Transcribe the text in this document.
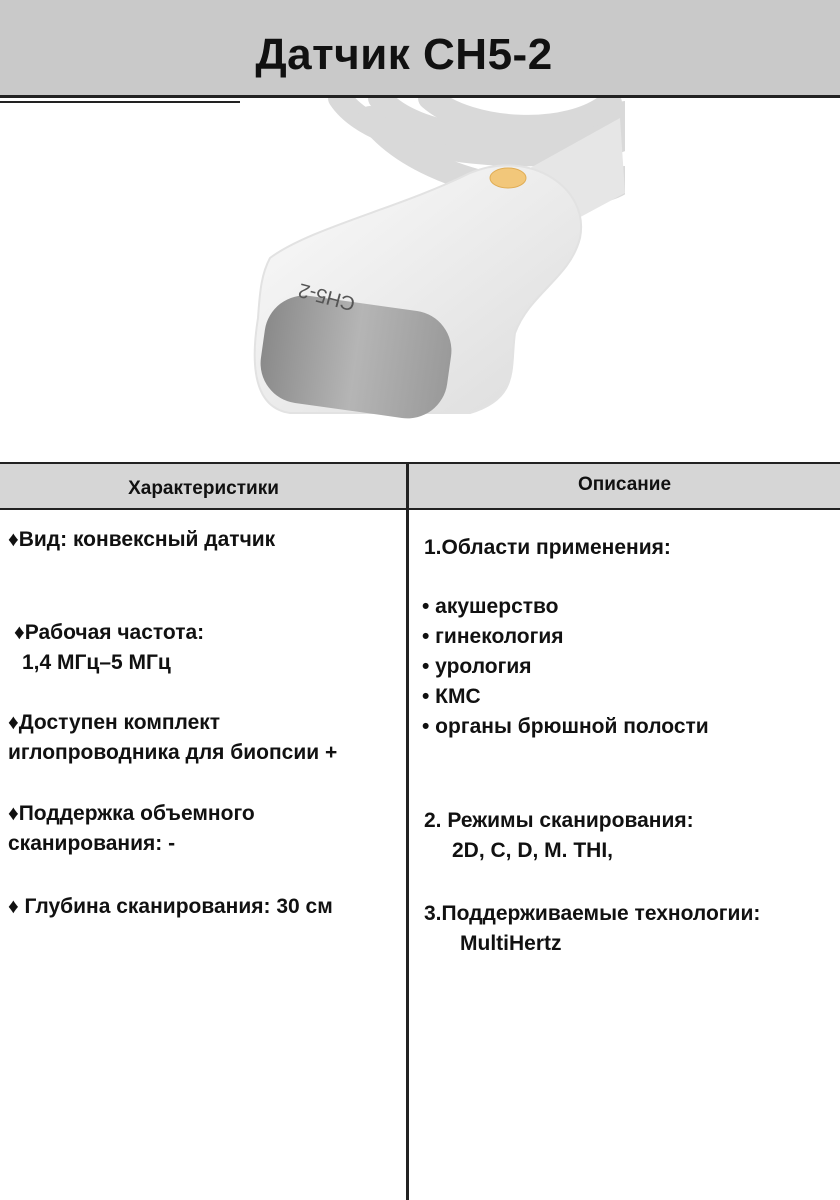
Датчик CH5-2
CH5-2
Характеристики	Описание
♦Вид: конвексный датчик
♦Рабочая частота:
1,4 МГц–5 МГц
♦Доступен комплект
иглопроводника для биопсии +
♦Поддержка объемного
сканирования: -
♦ Глубина сканирования: 30 см
1.Области применения:
• акушерство
• гинекология
• урология
• КМС
• органы брюшной полости
2. Режимы сканирования:
2D, C, D, M. THI,
3.Поддерживаемые технологии:
MultiHertz
